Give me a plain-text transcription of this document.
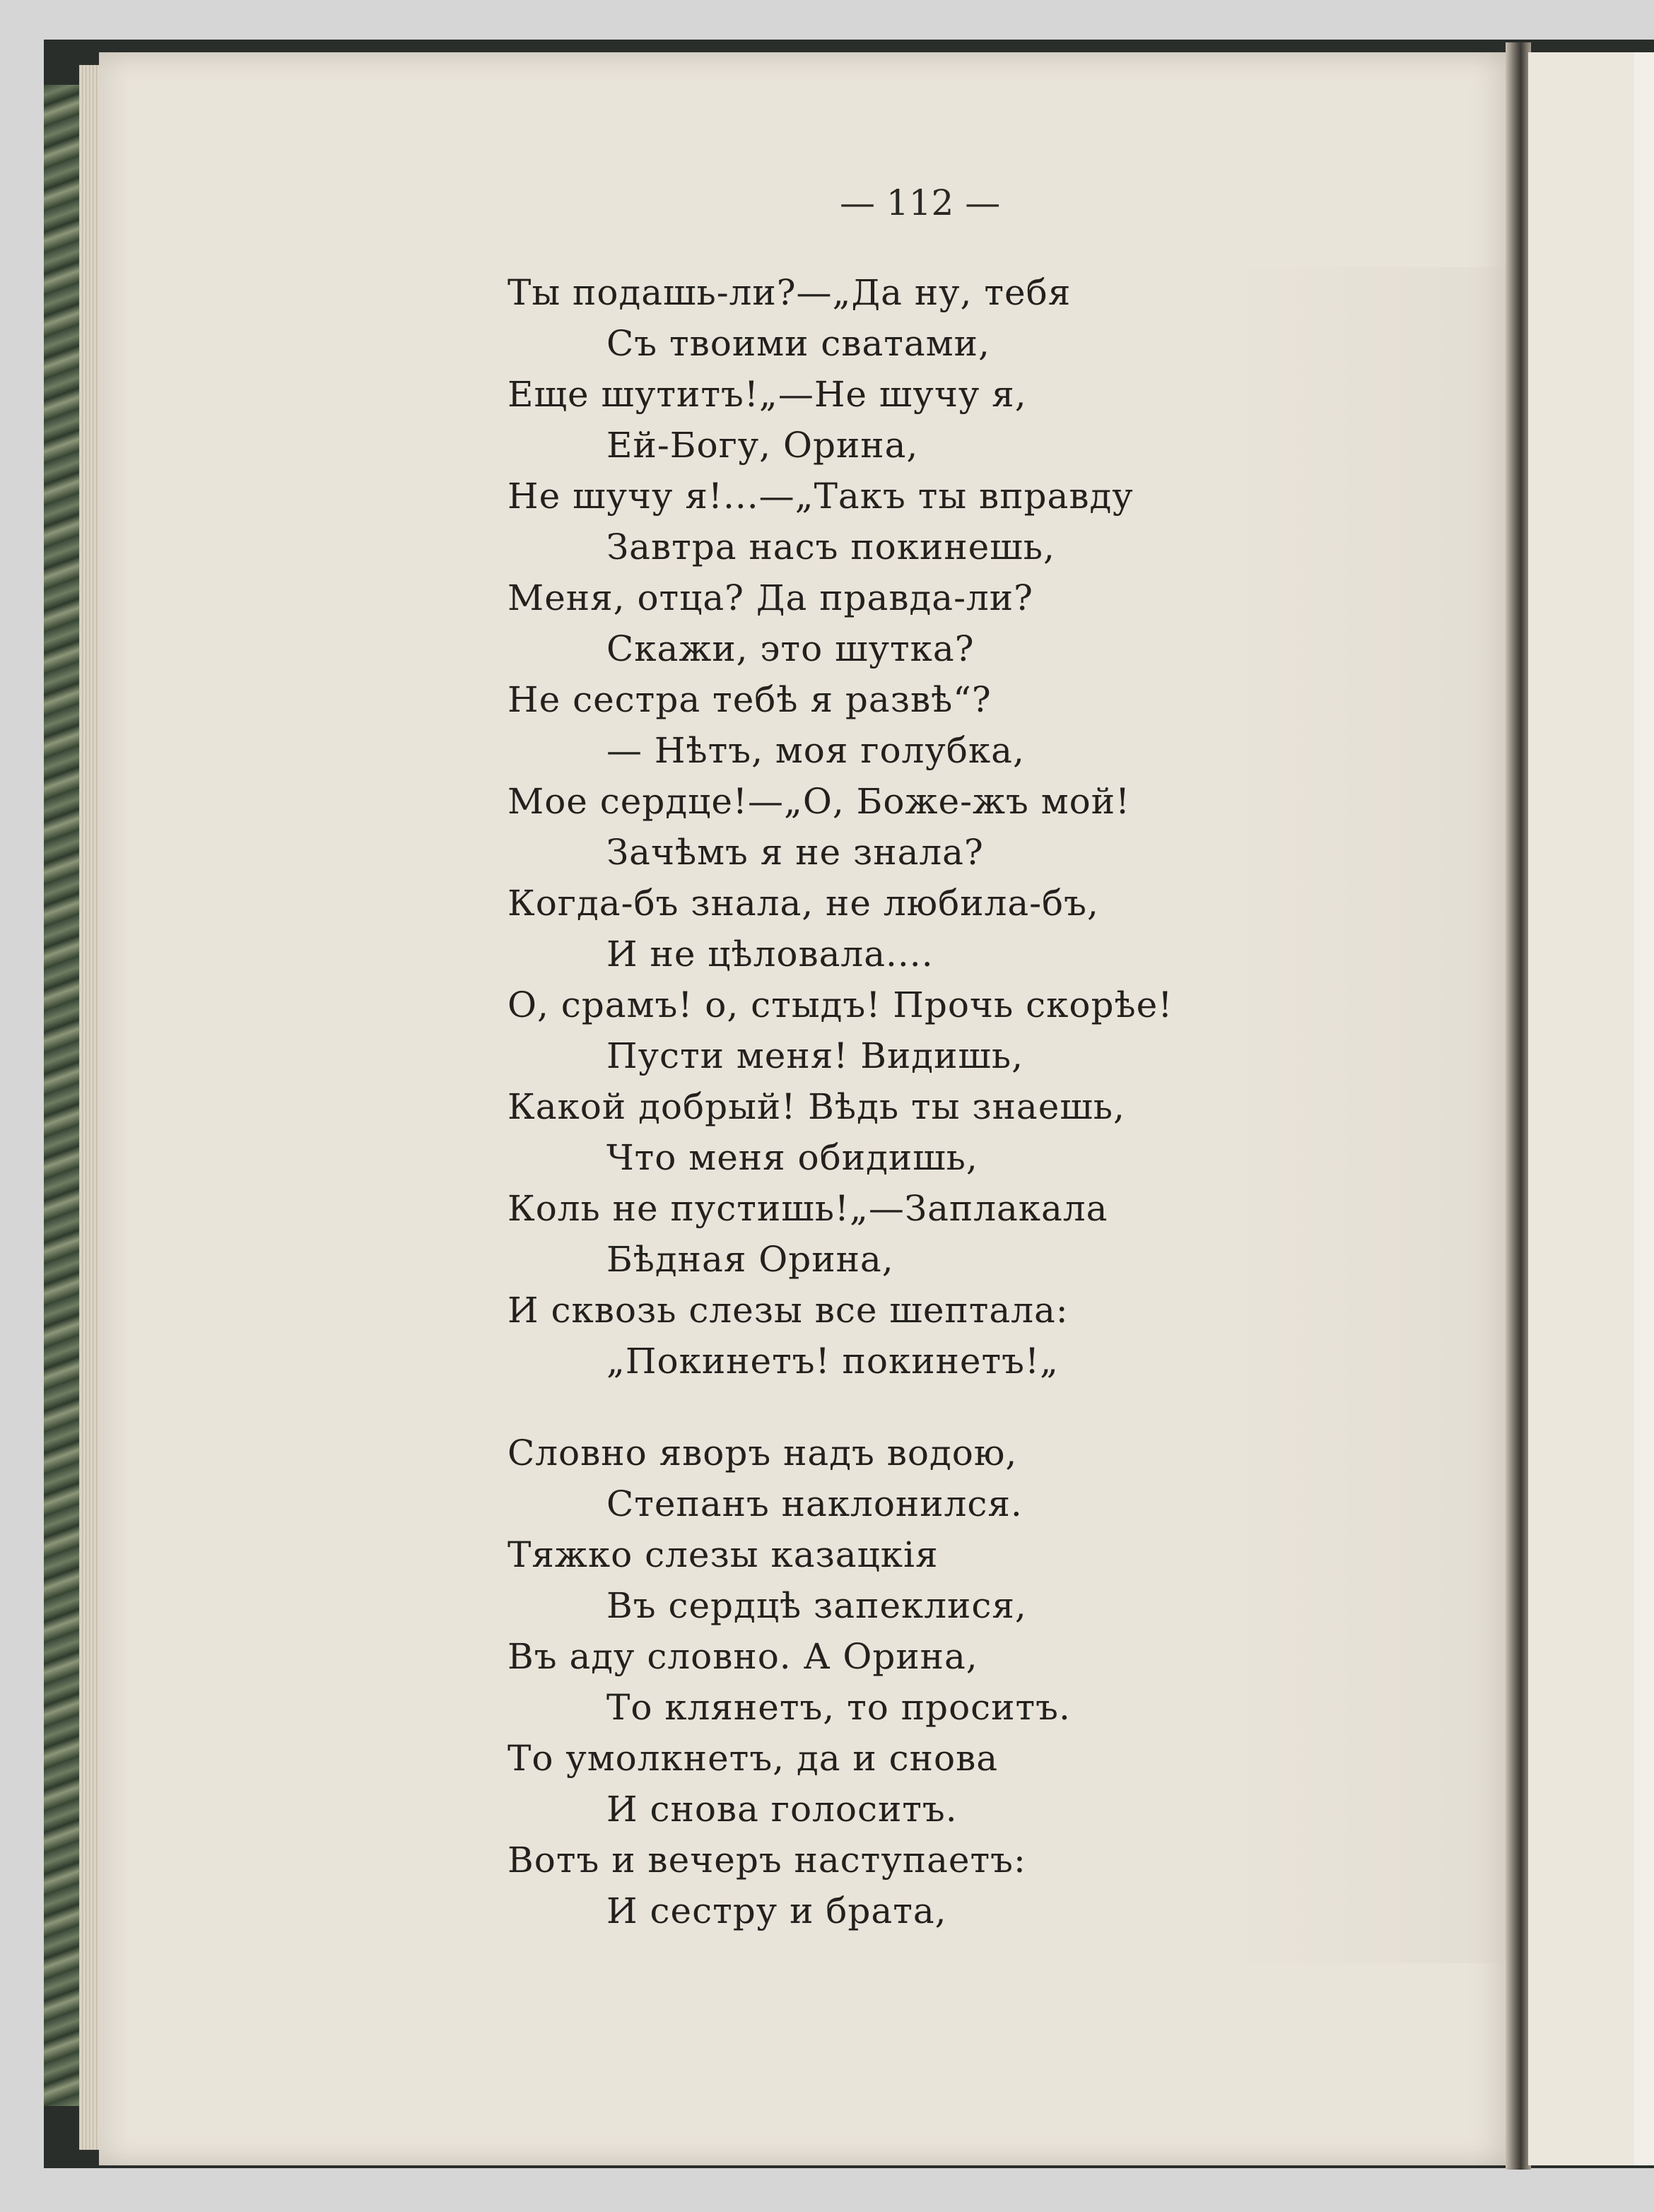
— 112 —
Ты подашь-ли?—„Да ну, тебя
Съ твоими сватами,
Еще шутитъ!„—Не шучу я,
Ей-Богу, Орина,
Не шучу я!...—„Такъ ты вправду
Завтра насъ покинешь,
Меня, отца? Да правда-ли?
Скажи, это шутка?
Не сестра тебѣ я развѣ“?
— Нѣтъ, моя голубка,
Мое сердце!—„О, Боже-жъ мой!
Зачѣмъ я не знала?
Когда-бъ знала, не любила-бъ,
И не цѣловала....
О, срамъ! о, стыдъ! Прочь скорѣе!
Пусти меня! Видишь,
Какой добрый! Вѣдь ты знаешь,
Что меня обидишь,
Коль не пустишь!„—Заплакала
Бѣдная Орина,
И сквозь слезы все шептала:
„Покинетъ! покинетъ!„
Словно яворъ надъ водою,
Степанъ наклонился.
Тяжко слезы казацкія
Въ сердцѣ запеклися,
Въ аду словно. А Орина,
То клянетъ, то проситъ.
То умолкнетъ, да и снова
И снова голоситъ.
Вотъ и вечеръ наступаетъ:
И сестру и брата,
